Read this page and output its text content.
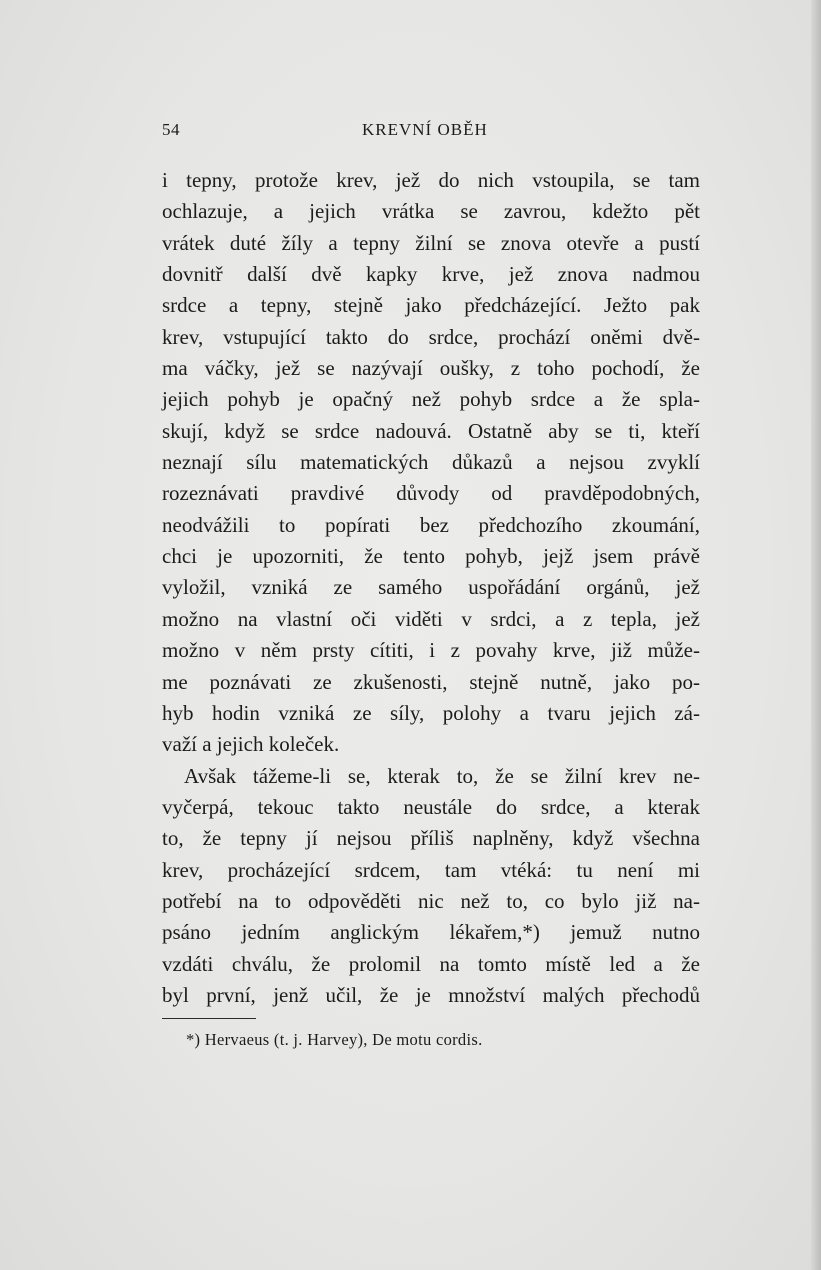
54	KREVNÍ OBĚH
i tepny, protože krev, jež do nich vstoupila, se tam
ochlazuje, a jejich vrátka se zavrou, kdežto pět
vrátek duté žíly a tepny žilní se znova otevře a pustí
dovnitř další dvě kapky krve, jež znova nadmou
srdce a tepny, stejně jako předcházející. Ježto pak
krev, vstupující takto do srdce, prochází oněmi dvě-
ma váčky, jež se nazývají oušky, z toho pochodí, že
jejich pohyb je opačný než pohyb srdce a že spla-
skují, když se srdce nadouvá. Ostatně aby se ti, kteří
neznají sílu matematických důkazů a nejsou zvyklí
rozeznávati pravdivé důvody od pravděpodobných,
neodvážili to popírati bez předchozího zkoumání,
chci je upozorniti, že tento pohyb, jejž jsem právě
vyložil, vzniká ze samého uspořádání orgánů, jež
možno na vlastní oči viděti v srdci, a z tepla, jež
možno v něm prsty cítiti, i z povahy krve, již může-
me poznávati ze zkušenosti, stejně nutně, jako po-
hyb hodin vzniká ze síly, polohy a tvaru jejich zá-
važí a jejich koleček.
Avšak tážeme-li se, kterak to, že se žilní krev ne-
vyčerpá, tekouc takto neustále do srdce, a kterak
to, že tepny jí nejsou příliš naplněny, když všechna
krev, procházející srdcem, tam vtéká: tu není mi
potřebí na to odpověděti nic než to, co bylo již na-
psáno jedním anglickým lékařem,*) jemuž nutno
vzdáti chválu, že prolomil na tomto místě led a že
byl první, jenž učil, že je množství malých přechodů
*) Hervaeus (t. j. Harvey), De motu cordis.
